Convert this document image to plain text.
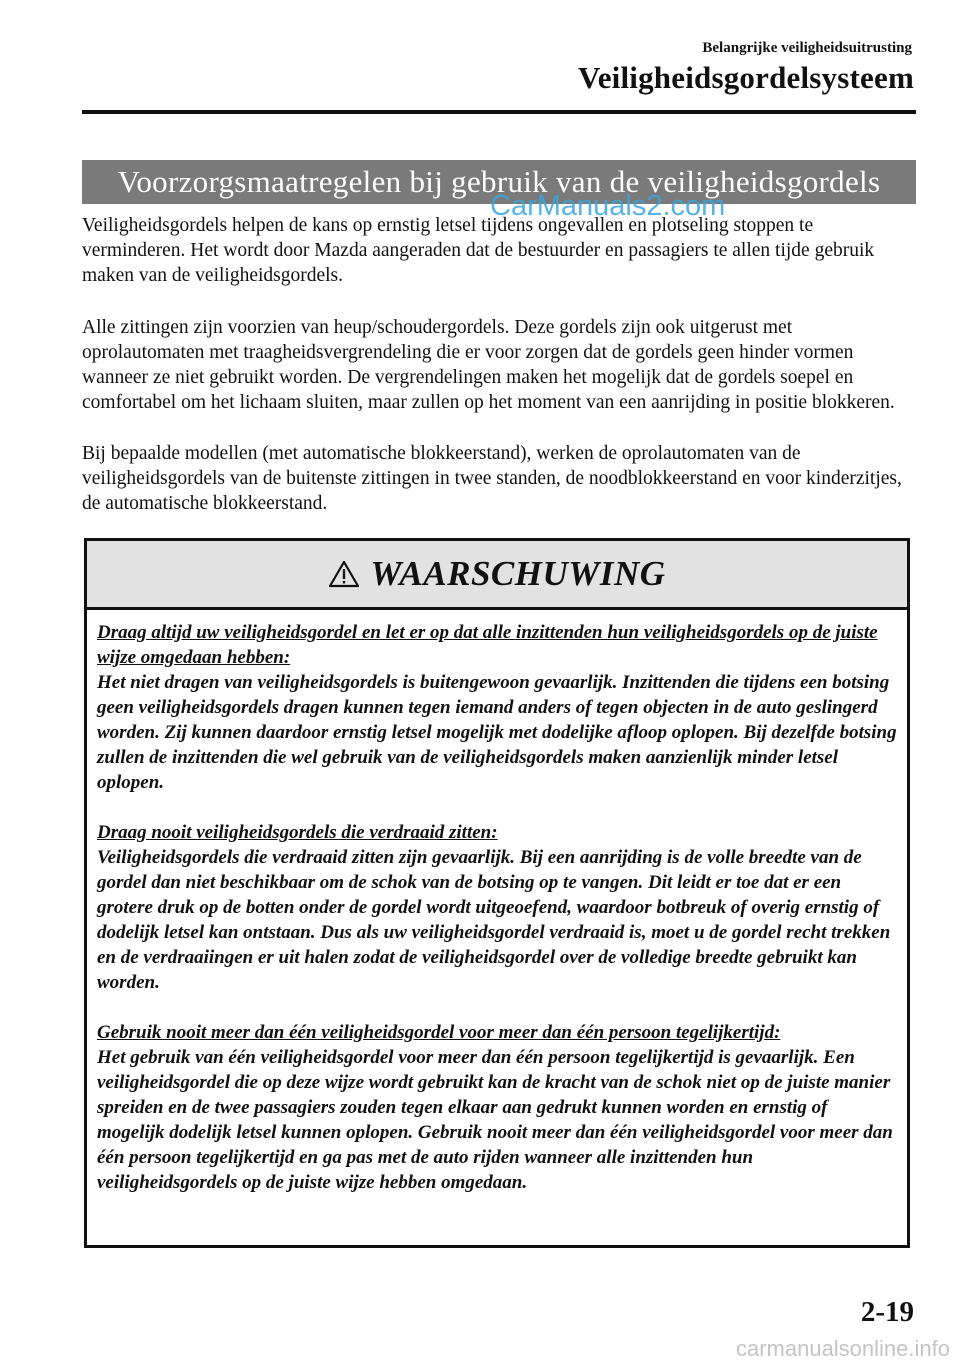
Belangrijke veiligheidsuitrusting
Veiligheidsgordelsysteem
Voorzorgsmaatregelen bij gebruik van de veiligheidsgordels
CarManuals2.com

Veiligheidsgordels helpen de kans op ernstig letsel tijdens ongevallen en plotseling stoppen te verminderen. Het wordt door Mazda aangeraden dat de bestuurder en passagiers te allen tijde gebruik maken van de veiligheidsgordels.

Alle zittingen zijn voorzien van heup/schoudergordels. Deze gordels zijn ook uitgerust met oprolautomaten met traagheidsvergrendeling die er voor zorgen dat de gordels geen hinder vormen wanneer ze niet gebruikt worden. De vergrendelingen maken het mogelijk dat de gordels soepel en comfortabel om het lichaam sluiten, maar zullen op het moment van een aanrijding in positie blokkeren.

Bij bepaalde modellen (met automatische blokkeerstand), werken de oprolautomaten van de veiligheidsgordels van de buitenste zittingen in twee standen, de noodblokkeerstand en voor kinderzitjes, de automatische blokkeerstand.

WAARSCHUWING

Draag altijd uw veiligheidsgordel en let er op dat alle inzittenden hun veiligheidsgordels op de juiste wijze omgedaan hebben:
Het niet dragen van veiligheidsgordels is buitengewoon gevaarlijk. Inzittenden die tijdens een botsing geen veiligheidsgordels dragen kunnen tegen iemand anders of tegen objecten in de auto geslingerd worden. Zij kunnen daardoor ernstig letsel mogelijk met dodelijke afloop oplopen. Bij dezelfde botsing zullen de inzittenden die wel gebruik van de veiligheidsgordels maken aanzienlijk minder letsel oplopen.

Draag nooit veiligheidsgordels die verdraaid zitten:
Veiligheidsgordels die verdraaid zitten zijn gevaarlijk. Bij een aanrijding is de volle breedte van de gordel dan niet beschikbaar om de schok van de botsing op te vangen. Dit leidt er toe dat er een grotere druk op de botten onder de gordel wordt uitgeoefend, waardoor botbreuk of overig ernstig of dodelijk letsel kan ontstaan. Dus als uw veiligheidsgordel verdraaid is, moet u de gordel recht trekken en de verdraaiingen er uit halen zodat de veiligheidsgordel over de volledige breedte gebruikt kan worden.

Gebruik nooit meer dan één veiligheidsgordel voor meer dan één persoon tegelijkertijd:
Het gebruik van één veiligheidsgordel voor meer dan één persoon tegelijkertijd is gevaarlijk. Een veiligheidsgordel die op deze wijze wordt gebruikt kan de kracht van de schok niet op de juiste manier spreiden en de twee passagiers zouden tegen elkaar aan gedrukt kunnen worden en ernstig of mogelijk dodelijk letsel kunnen oplopen. Gebruik nooit meer dan één veiligheidsgordel voor meer dan één persoon tegelijkertijd en ga pas met de auto rijden wanneer alle inzittenden hun veiligheidsgordels op de juiste wijze hebben omgedaan.

2-19
carmanualsonline.info
